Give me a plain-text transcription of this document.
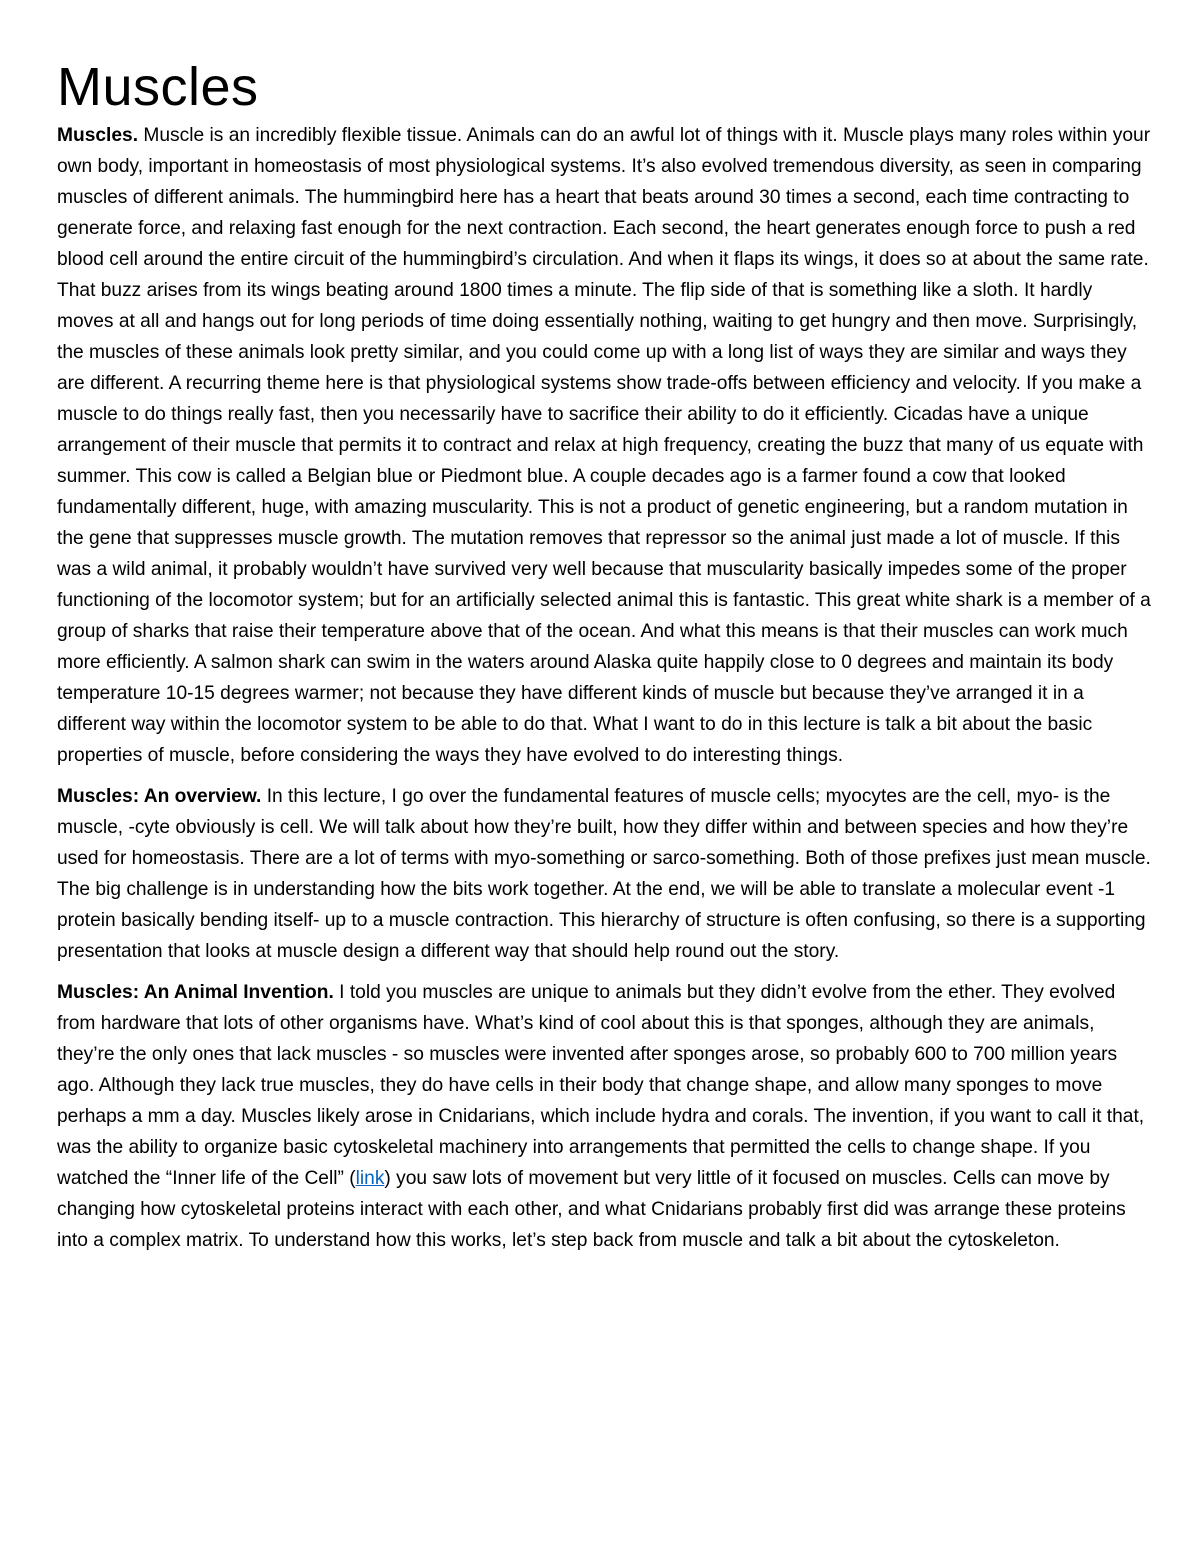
Muscles

Muscles. Muscle is an incredibly flexible tissue. Animals can do an awful lot of things with it. Muscle plays many roles within your own body, important in homeostasis of most physiological systems. It’s also evolved tremendous diversity, as seen in comparing muscles of different animals. The hummingbird here has a heart that beats around 30 times a second, each time contracting to generate force, and relaxing fast enough for the next contraction. Each second, the heart generates enough force to push a red blood cell around the entire circuit of the hummingbird’s circulation. And when it flaps its wings, it does so at about the same rate. That buzz arises from its wings beating around 1800 times a minute. The flip side of that is something like a sloth. It hardly moves at all and hangs out for long periods of time doing essentially nothing, waiting to get hungry and then move. Surprisingly, the muscles of these animals look pretty similar, and you could come up with a long list of ways they are similar and ways they are different. A recurring theme here is that physiological systems show trade-offs between efficiency and velocity. If you make a muscle to do things really fast, then you necessarily have to sacrifice their ability to do it efficiently. Cicadas have a unique arrangement of their muscle that permits it to contract and relax at high frequency, creating the buzz that many of us equate with summer. This cow is called a Belgian blue or Piedmont blue. A couple decades ago is a farmer found a cow that looked fundamentally different, huge, with amazing muscularity. This is not a product of genetic engineering, but a random mutation in the gene that suppresses muscle growth. The mutation removes that repressor so the animal just made a lot of muscle. If this was a wild animal, it probably wouldn’t have survived very well because that muscularity basically impedes some of the proper functioning of the locomotor system; but for an artificially selected animal this is fantastic. This great white shark is a member of a group of sharks that raise their temperature above that of the ocean. And what this means is that their muscles can work much more efficiently. A salmon shark can swim in the waters around Alaska quite happily close to 0 degrees and maintain its body temperature 10-15 degrees warmer; not because they have different kinds of muscle but because they’ve arranged it in a different way within the locomotor system to be able to do that. What I want to do in this lecture is talk a bit about the basic properties of muscle, before considering the ways they have evolved to do interesting things.

Muscles: An overview. In this lecture, I go over the fundamental features of muscle cells; myocytes are the cell, myo- is the muscle, -cyte obviously is cell. We will talk about how they’re built, how they differ within and between species and how they’re used for homeostasis. There are a lot of terms with myo-something or sarco-something. Both of those prefixes just mean muscle. The big challenge is in understanding how the bits work together. At the end, we will be able to translate a molecular event -1 protein basically bending itself- up to a muscle contraction. This hierarchy of structure is often confusing, so there is a supporting presentation that looks at muscle design a different way that should help round out the story.

Muscles: An Animal Invention. I told you muscles are unique to animals but they didn’t evolve from the ether. They evolved from hardware that lots of other organisms have. What’s kind of cool about this is that sponges, although they are animals, they’re the only ones that lack muscles - so muscles were invented after sponges arose, so probably 600 to 700 million years ago. Although they lack true muscles, they do have cells in their body that change shape, and allow many sponges to move perhaps a mm a day. Muscles likely arose in Cnidarians, which include hydra and corals. The invention, if you want to call it that, was the ability to organize basic cytoskeletal machinery into arrangements that permitted the cells to change shape. If you watched the “Inner life of the Cell” (link) you saw lots of movement but very little of it focused on muscles. Cells can move by changing how cytoskeletal proteins interact with each other, and what Cnidarians probably first did was arrange these proteins into a complex matrix. To understand how this works, let’s step back from muscle and talk a bit about the cytoskeleton.
